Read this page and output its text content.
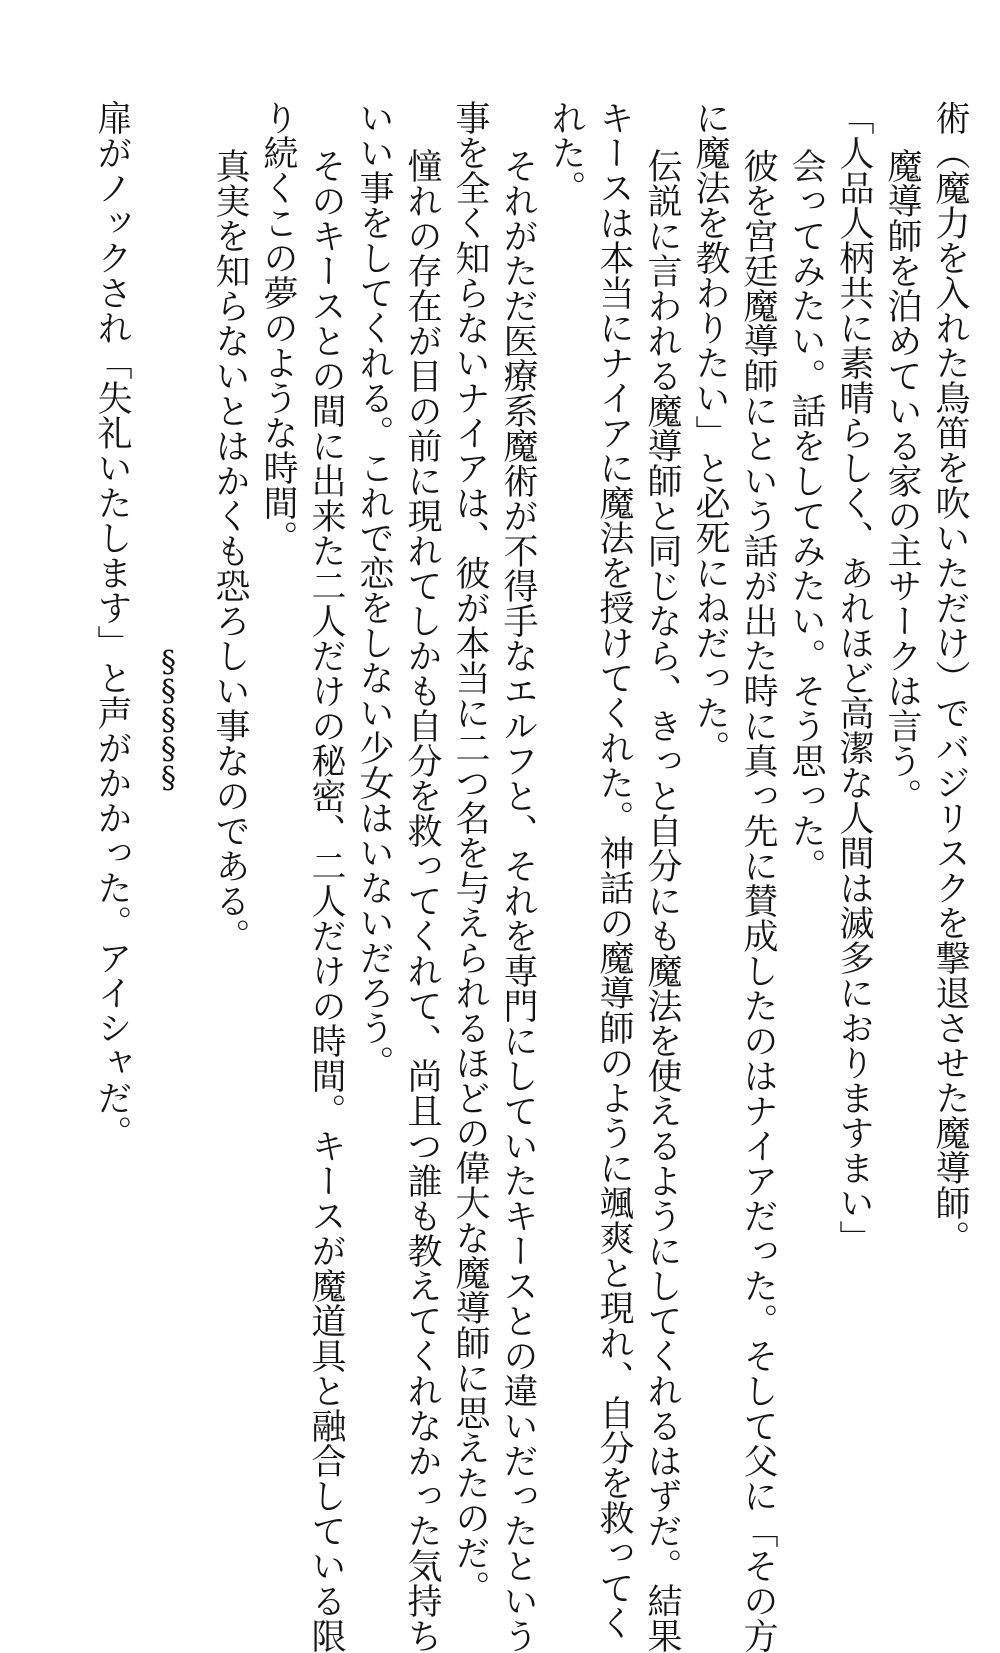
術（魔力を入れた鳥笛を吹いただけ）でバジリスクを撃退させた魔導師。
魔導師を泊めている家の主サークは言う。
「人品人柄共に素晴らしく、あれほど高潔な人間は滅多におりますまい」
会ってみたい。話をしてみたい。そう思った。
彼を宮廷魔導師にという話が出た時に真っ先に賛成したのはナイアだった。そして父に「その方
に魔法を教わりたい」と必死にねだった。
伝説に言われる魔導師と同じなら、きっと自分にも魔法を使えるようにしてくれるはずだ。結果
キースは本当にナイアに魔法を授けてくれた。神話の魔導師のように颯爽と現れ、自分を救ってく
れた。
それがただ医療系魔術が不得手なエルフと、それを専門にしていたキースとの違いだったという
事を全く知らないナイアは、彼が本当に二つ名を与えられるほどの偉大な魔導師に思えたのだ。
憧れの存在が目の前に現れてしかも自分を救ってくれて、尚且つ誰も教えてくれなかった気持ち
いい事をしてくれる。これで恋をしない少女はいないだろう。
そのキースとの間に出来た二人だけの秘密、二人だけの時間。キースが魔道具と融合している限
り続くこの夢のような時間。
真実を知らないとはかくも恐ろしい事なのである。
§§§§§
扉がノックされ「失礼いたします」と声がかかった。アイシャだ。
